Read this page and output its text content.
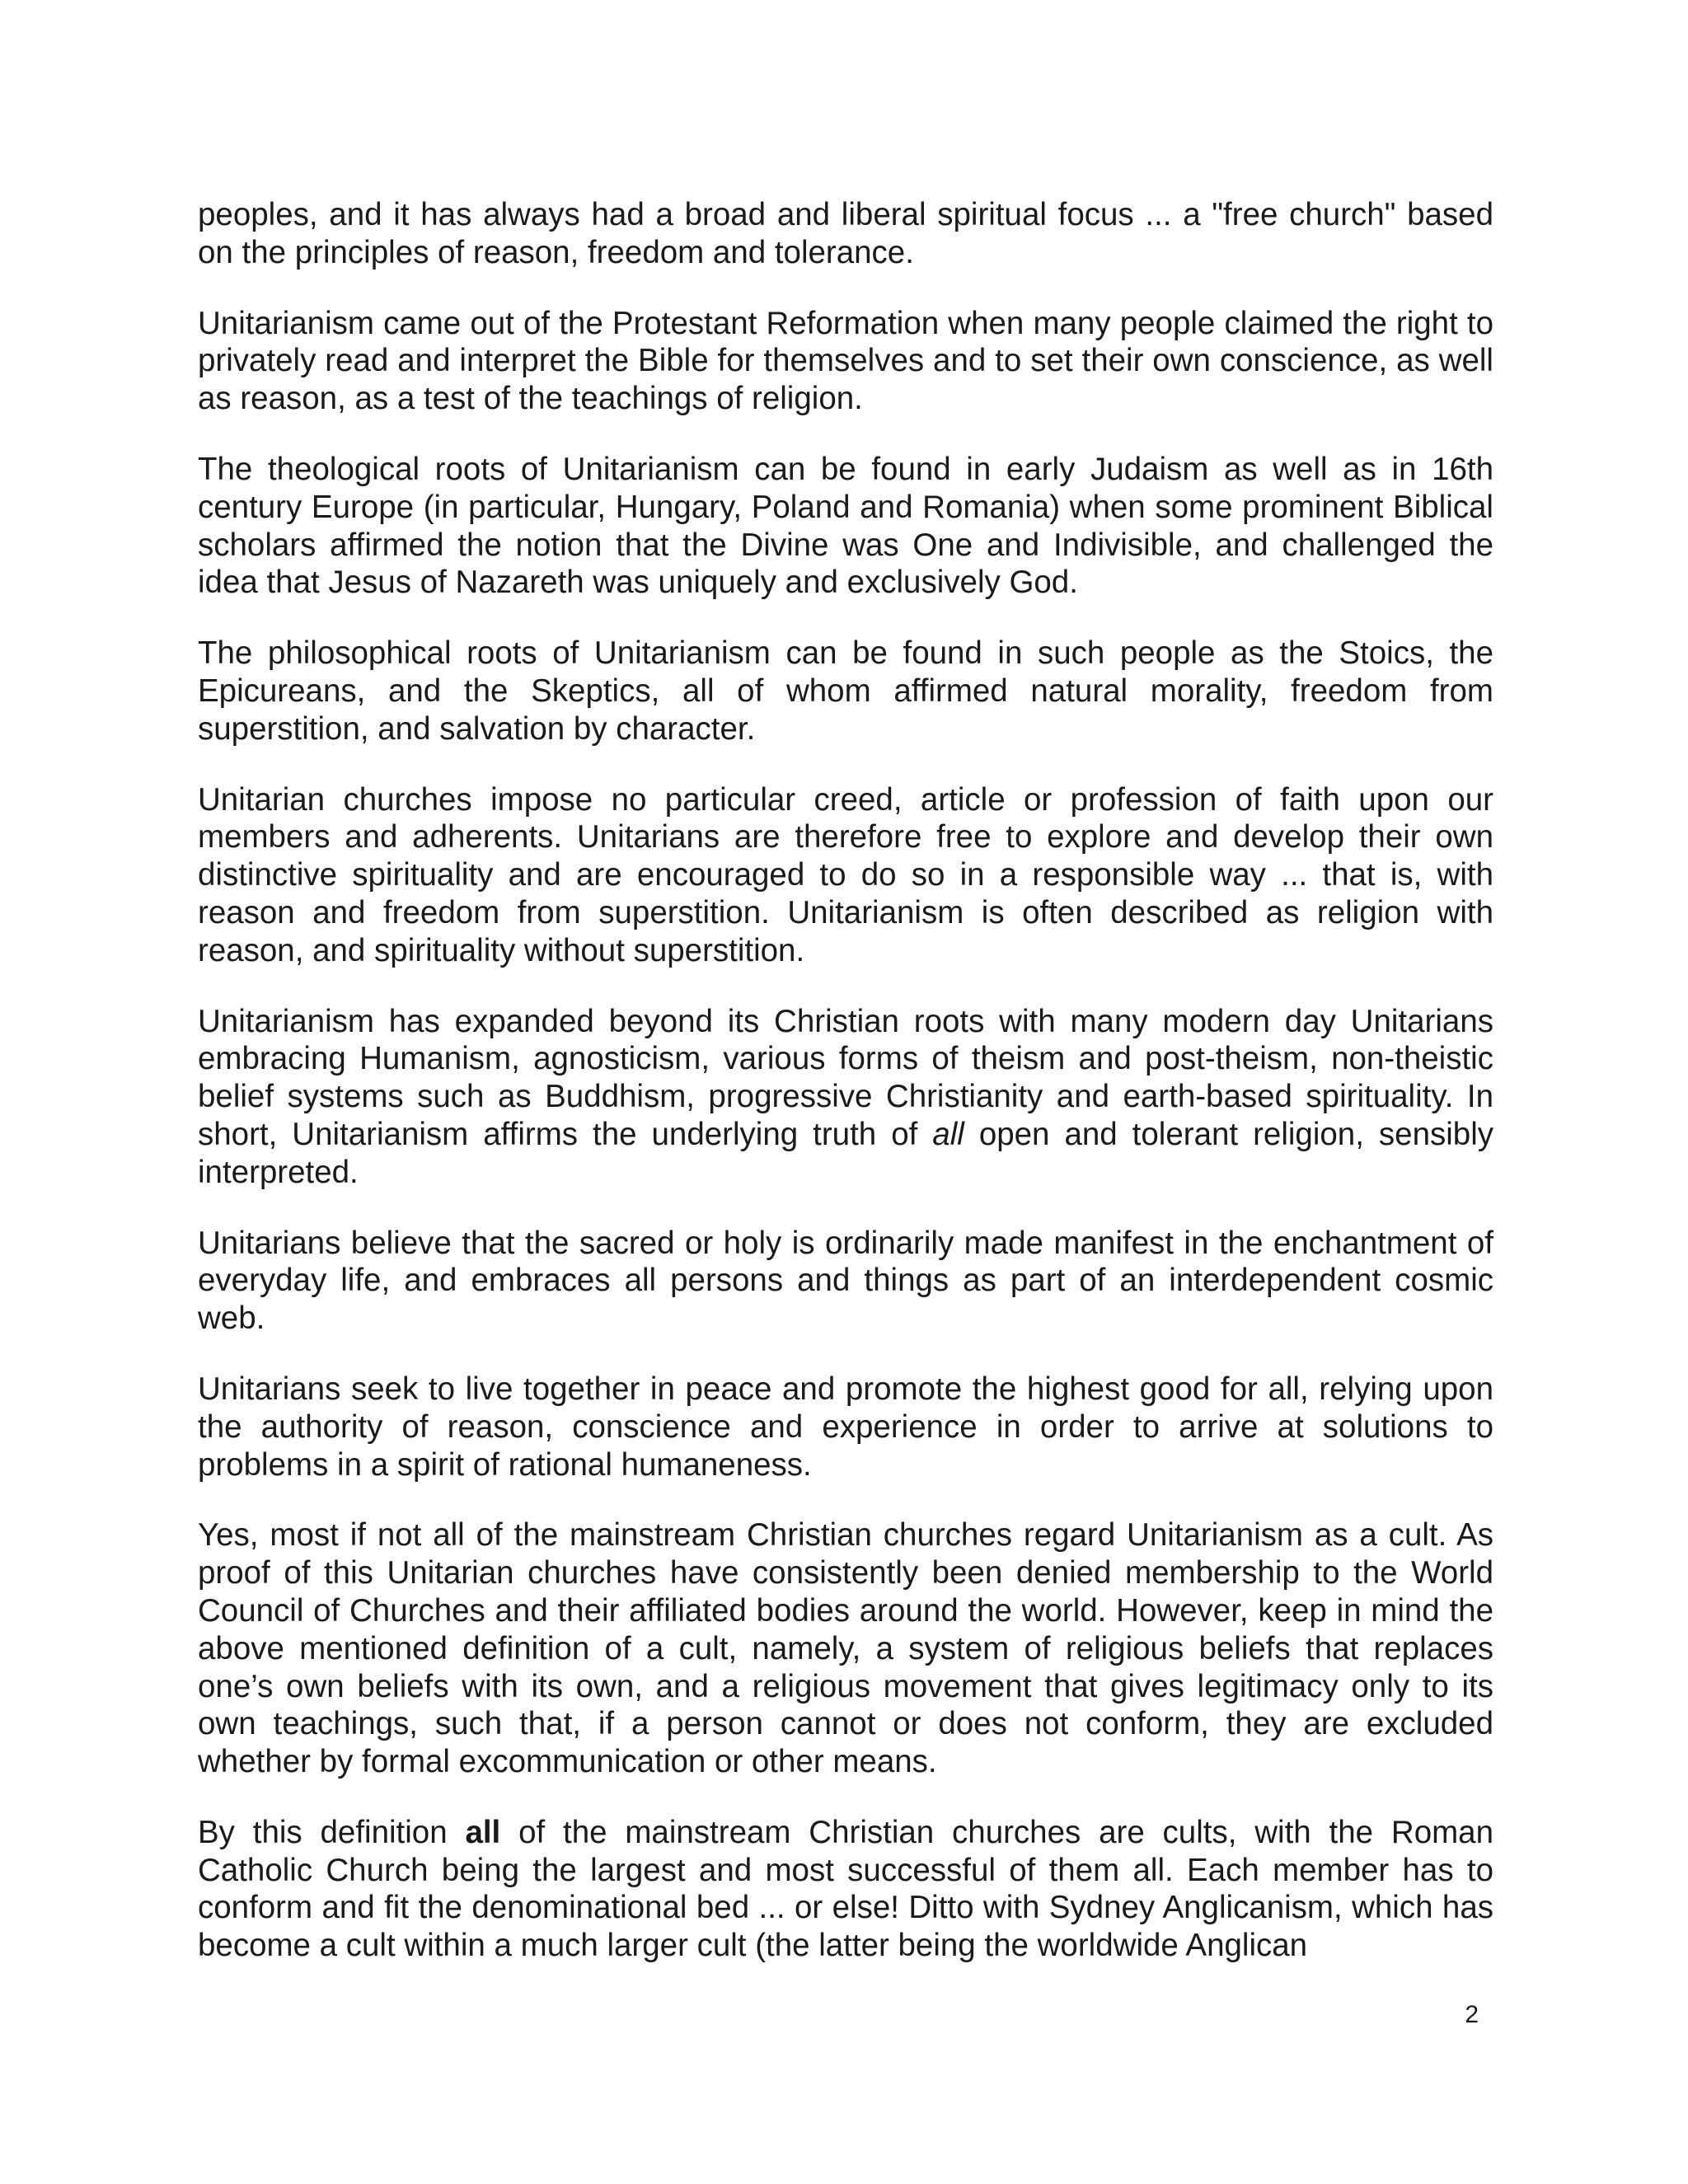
peoples, and it has always had a broad and liberal spiritual focus ... a "free church" based on the principles of reason, freedom and tolerance.

Unitarianism came out of the Protestant Reformation when many people claimed the right to privately read and interpret the Bible for themselves and to set their own conscience, as well as reason, as a test of the teachings of religion.

The theological roots of Unitarianism can be found in early Judaism as well as in 16th century Europe (in particular, Hungary, Poland and Romania) when some prominent Biblical scholars affirmed the notion that the Divine was One and Indivisible, and challenged the idea that Jesus of Nazareth was uniquely and exclusively God.

The philosophical roots of Unitarianism can be found in such people as the Stoics, the Epicureans, and the Skeptics, all of whom affirmed natural morality, freedom from superstition, and salvation by character.

Unitarian churches impose no particular creed, article or profession of faith upon our members and adherents. Unitarians are therefore free to explore and develop their own distinctive spirituality and are encouraged to do so in a responsible way ... that is, with reason and freedom from superstition. Unitarianism is often described as religion with reason, and spirituality without superstition.

Unitarianism has expanded beyond its Christian roots with many modern day Unitarians embracing Humanism, agnosticism, various forms of theism and post-theism, non-theistic belief systems such as Buddhism, progressive Christianity and earth-based spirituality. In short, Unitarianism affirms the underlying truth of all open and tolerant religion, sensibly interpreted.

Unitarians believe that the sacred or holy is ordinarily made manifest in the enchantment of everyday life, and embraces all persons and things as part of an interdependent cosmic web.

Unitarians seek to live together in peace and promote the highest good for all, relying upon the authority of reason, conscience and experience in order to arrive at solutions to problems in a spirit of rational humaneness.

Yes, most if not all of the mainstream Christian churches regard Unitarianism as a cult. As proof of this Unitarian churches have consistently been denied membership to the World Council of Churches and their affiliated bodies around the world. However, keep in mind the above mentioned definition of a cult, namely, a system of religious beliefs that replaces one’s own beliefs with its own, and a religious movement that gives legitimacy only to its own teachings, such that, if a person cannot or does not conform, they are excluded whether by formal excommunication or other means.

By this definition all of the mainstream Christian churches are cults, with the Roman Catholic Church being the largest and most successful of them all. Each member has to conform and fit the denominational bed ... or else! Ditto with Sydney Anglicanism, which has become a cult within a much larger cult (the latter being the worldwide Anglican

2
